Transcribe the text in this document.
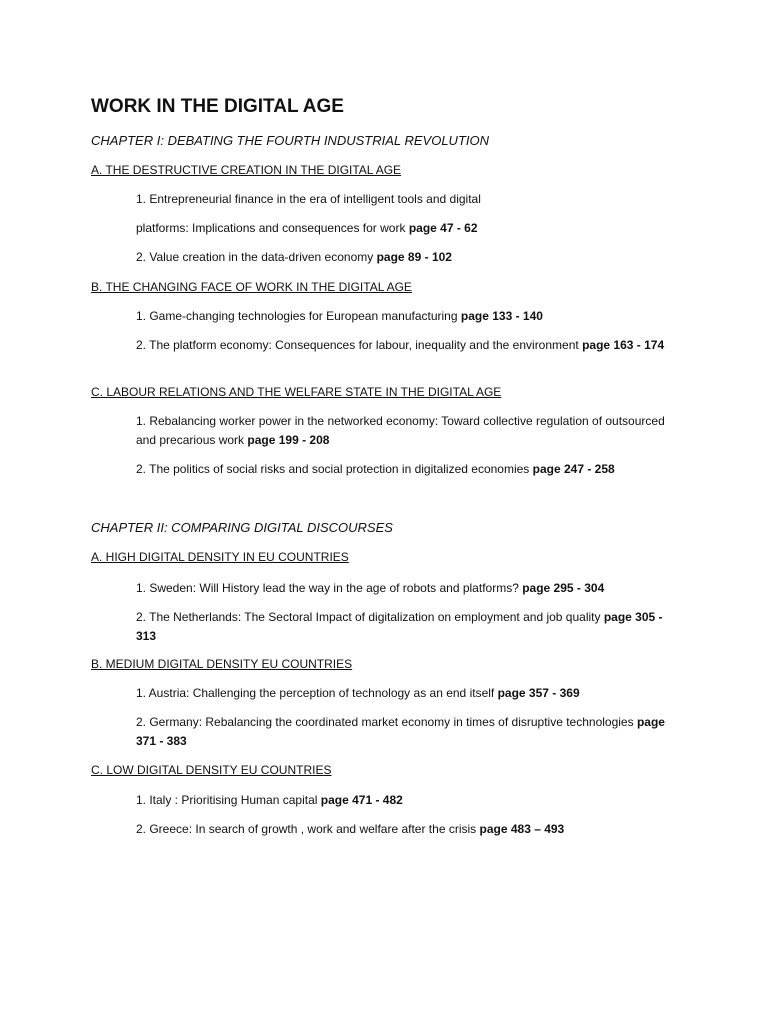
WORK IN THE DIGITAL AGE
CHAPTER I: DEBATING THE FOURTH INDUSTRIAL REVOLUTION
A. THE DESTRUCTIVE CREATION IN THE DIGITAL AGE
1. Entrepreneurial finance in the era of intelligent tools and digital
platforms: Implications and consequences for work page 47 - 62
2. Value creation in the data-driven economy page 89 - 102
B. THE CHANGING FACE OF WORK IN THE DIGITAL AGE
1. Game-changing technologies for European manufacturing page 133 - 140
2. The platform economy: Consequences for labour, inequality and the environment page 163 - 174
C. LABOUR RELATIONS AND THE WELFARE STATE IN THE DIGITAL AGE
1. Rebalancing worker power in the networked economy: Toward collective regulation of outsourced and precarious work page 199 - 208
2. The politics of social risks and social protection in digitalized economies page 247 - 258
CHAPTER II: COMPARING DIGITAL DISCOURSES
A. HIGH DIGITAL DENSITY IN EU COUNTRIES
1. Sweden: Will History lead the way in the age of robots and platforms? page 295 - 304
2. The Netherlands: The Sectoral Impact of digitalization on employment and job quality page 305 - 313
B. MEDIUM DIGITAL DENSITY EU COUNTRIES
1. Austria: Challenging the perception of technology as an end itself page 357 - 369
2. Germany: Rebalancing the coordinated market economy in times of disruptive technologies page 371 - 383
C. LOW DIGITAL DENSITY EU COUNTRIES
1. Italy : Prioritising Human capital page 471 - 482
2. Greece: In search of growth , work and welfare after the crisis page 483 – 493
